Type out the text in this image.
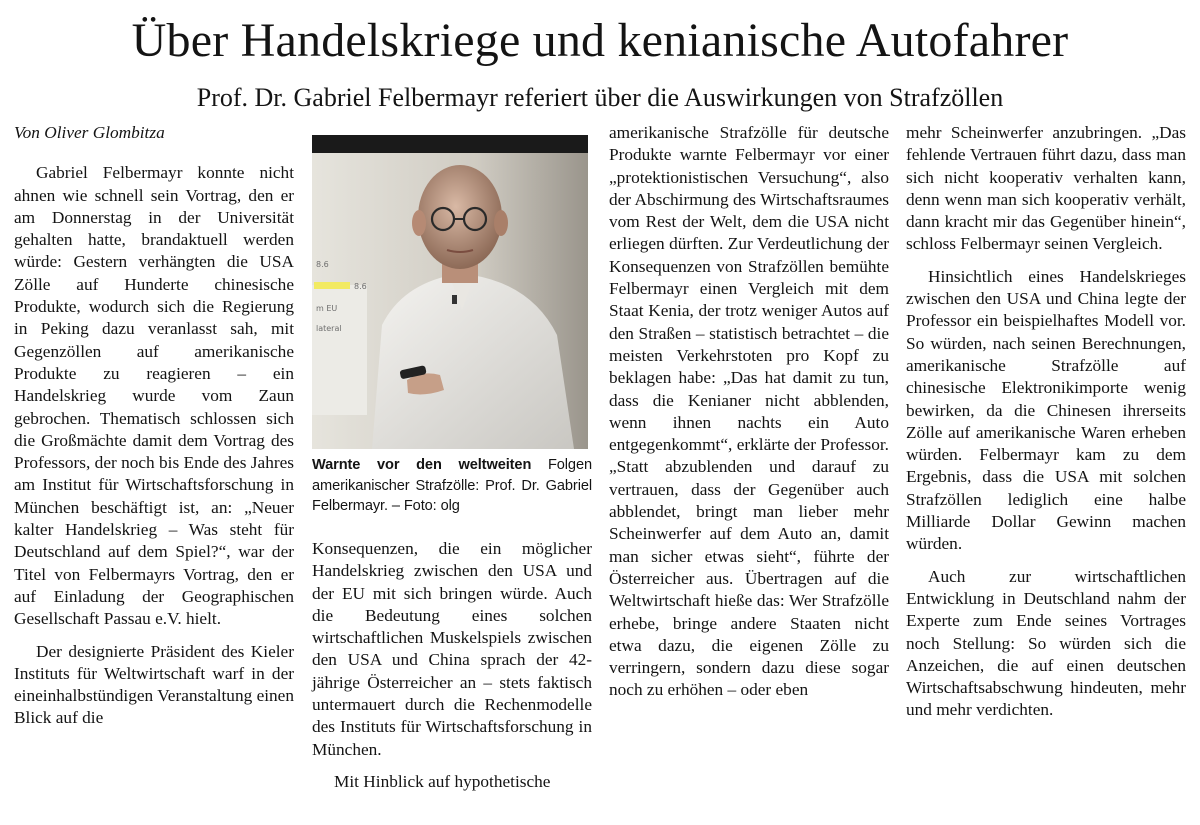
Über Handelskriege und kenianische Autofahrer
Prof. Dr. Gabriel Felbermayr referiert über die Auswirkungen von Strafzöllen

Von Oliver Glombitza

Gabriel Felbermayr konnte nicht ahnen wie schnell sein Vortrag, den er am Donnerstag in der Universität gehalten hatte, brandaktuell werden würde: Gestern verhängten die USA Zölle auf Hunderte chinesische Produkte, wodurch sich die Regierung in Peking dazu veranlasst sah, mit Gegenzöllen auf amerikanische Produkte zu reagieren – ein Handelskrieg wurde vom Zaun gebrochen. Thematisch schlossen sich die Großmächte damit dem Vortrag des Professors, der noch bis Ende des Jahres am Institut für Wirtschaftsforschung in München beschäftigt ist, an: „Neuer kalter Handelskrieg – Was steht für Deutschland auf dem Spiel?“, war der Titel von Felbermayrs Vortrag, den er auf Einladung der Geographischen Gesellschaft Passau e.V. hielt.

Der designierte Präsident des Kieler Instituts für Weltwirtschaft warf in der eineinhalbstündigen Veranstaltung einen Blick auf die

8.6
8.6
m EU
lateral
Warnte vor den weltweiten Folgen amerikanischer Strafzölle: Prof. Dr. Gabriel Felbermayr. – Foto: olg

Konsequenzen, die ein möglicher Handelskrieg zwischen den USA und der EU mit sich bringen würde. Auch die Bedeutung eines solchen wirtschaftlichen Muskelspiels zwischen den USA und China sprach der 42-jährige Österreicher an – stets faktisch untermauert durch die Rechenmodelle des Instituts für Wirtschaftsforschung in München.

Mit Hinblick auf hypothetische

amerikanische Strafzölle für deutsche Produkte warnte Felbermayr vor einer „protektionistischen Versuchung“, also der Abschirmung des Wirtschaftsraumes vom Rest der Welt, dem die USA nicht erliegen dürften. Zur Verdeutlichung der Konsequenzen von Strafzöllen bemühte Felbermayr einen Vergleich mit dem Staat Kenia, der trotz weniger Autos auf den Straßen – statistisch betrachtet – die meisten Verkehrstoten pro Kopf zu beklagen habe: „Das hat damit zu tun, dass die Kenianer nicht abblenden, wenn ihnen nachts ein Auto entgegenkommt“, erklärte der Professor. „Statt abzublenden und darauf zu vertrauen, dass der Gegenüber auch abblendet, bringt man lieber mehr Scheinwerfer auf dem Auto an, damit man sicher etwas sieht“, führte der Österreicher aus. Übertragen auf die Weltwirtschaft hieße das: Wer Strafzölle erhebe, bringe andere Staaten nicht etwa dazu, die eigenen Zölle zu verringern, sondern dazu diese sogar noch zu erhöhen – oder eben

mehr Scheinwerfer anzubringen. „Das fehlende Vertrauen führt dazu, dass man sich nicht kooperativ verhalten kann, denn wenn man sich kooperativ verhält, dann kracht mir das Gegenüber hinein“, schloss Felbermayr seinen Vergleich.

Hinsichtlich eines Handelskrieges zwischen den USA und China legte der Professor ein beispielhaftes Modell vor. So würden, nach seinen Berechnungen, amerikanische Strafzölle auf chinesische Elektronikimporte wenig bewirken, da die Chinesen ihrerseits Zölle auf amerikanische Waren erheben würden. Felbermayr kam zu dem Ergebnis, dass die USA mit solchen Strafzöllen lediglich eine halbe Milliarde Dollar Gewinn machen würden.

Auch zur wirtschaftlichen Entwicklung in Deutschland nahm der Experte zum Ende seines Vortrages noch Stellung: So würden sich die Anzeichen, die auf einen deutschen Wirtschaftsabschwung hindeuten, mehr und mehr verdichten.
